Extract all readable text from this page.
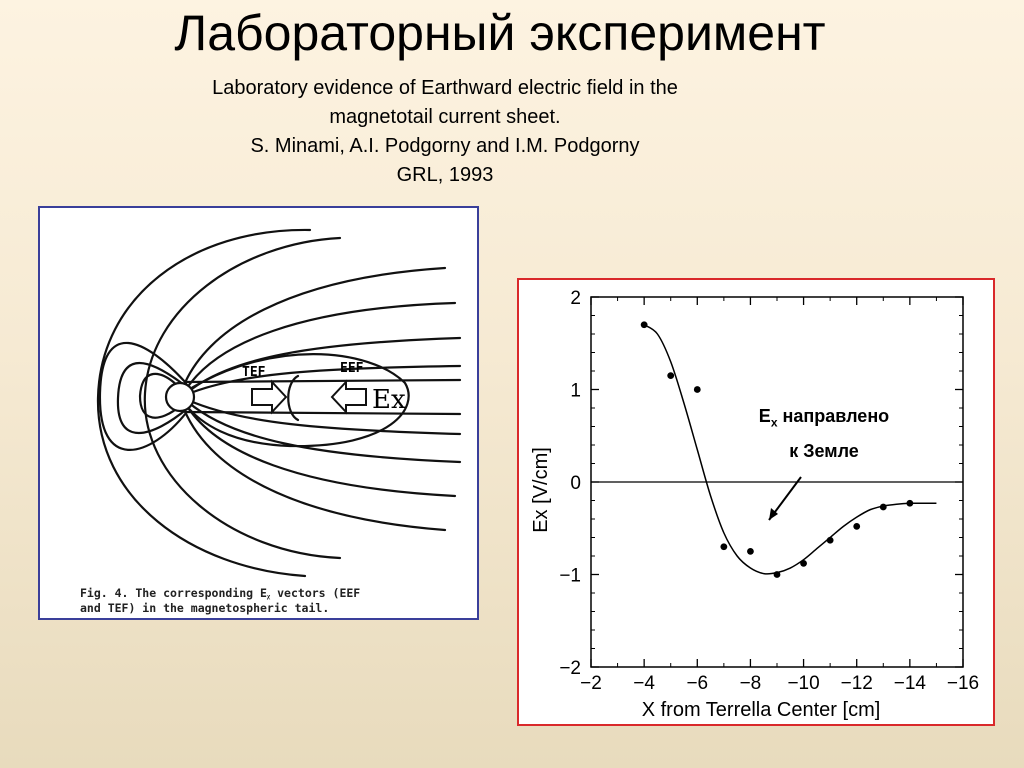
Лабораторный эксперимент
Laboratory evidence of Earthward electric field in the
magnetotail current sheet.
S. Minami, A.I. Podgorny and I.M. Podgorny
GRL, 1993
TEF	EEF
Ex
Fig. 4. The corresponding Eᵪ vectors (EEF
and TEF) in the magnetospheric tail.
−2 −4 −6 −8 −10 −12 −14 −16
2
1
0
−1
−2
X from Terrella Center [cm]
Ex [V/cm]
$E_x$ направлено
к Земле
